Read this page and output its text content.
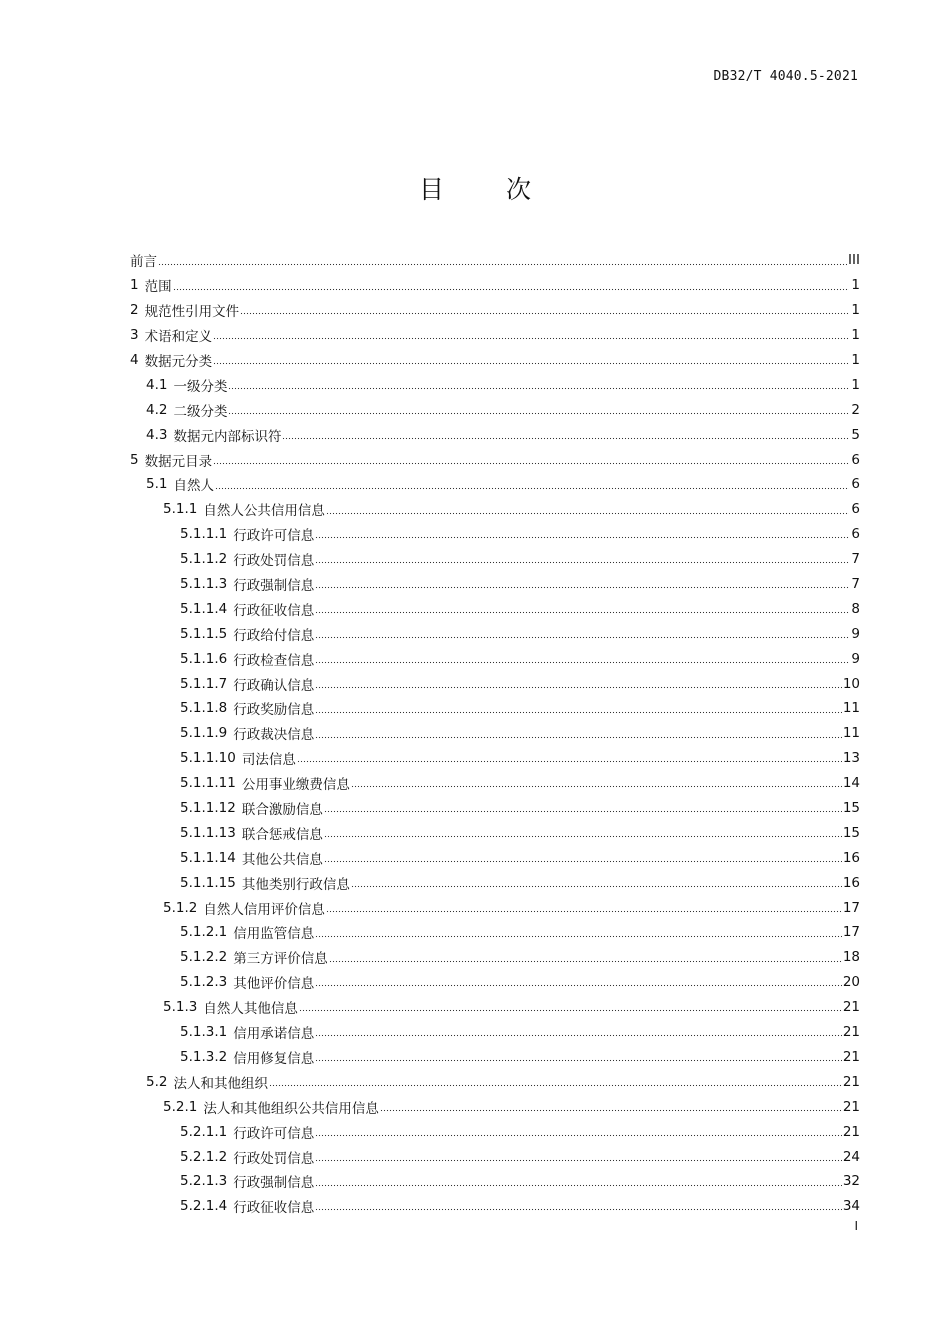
DB32/T 4040.5-2021
目 次
前言	III
1 范围	1
2 规范性引用文件	1
3 术语和定义	1
4 数据元分类	1
4.1 一级分类	1
4.2 二级分类	2
4.3 数据元内部标识符	5
5 数据元目录	6
5.1 自然人	6
5.1.1 自然人公共信用信息	6
5.1.1.1 行政许可信息	6
5.1.1.2 行政处罚信息	7
5.1.1.3 行政强制信息	7
5.1.1.4 行政征收信息	8
5.1.1.5 行政给付信息	9
5.1.1.6 行政检查信息	9
5.1.1.7 行政确认信息	10
5.1.1.8 行政奖励信息	11
5.1.1.9 行政裁决信息	11
5.1.1.10 司法信息	13
5.1.1.11 公用事业缴费信息	14
5.1.1.12 联合激励信息	15
5.1.1.13 联合惩戒信息	15
5.1.1.14 其他公共信息	16
5.1.1.15 其他类别行政信息	16
5.1.2 自然人信用评价信息	17
5.1.2.1 信用监管信息	17
5.1.2.2 第三方评价信息	18
5.1.2.3 其他评价信息	20
5.1.3 自然人其他信息	21
5.1.3.1 信用承诺信息	21
5.1.3.2 信用修复信息	21
5.2 法人和其他组织	21
5.2.1 法人和其他组织公共信用信息	21
5.2.1.1 行政许可信息	21
5.2.1.2 行政处罚信息	24
5.2.1.3 行政强制信息	32
5.2.1.4 行政征收信息	34
I
